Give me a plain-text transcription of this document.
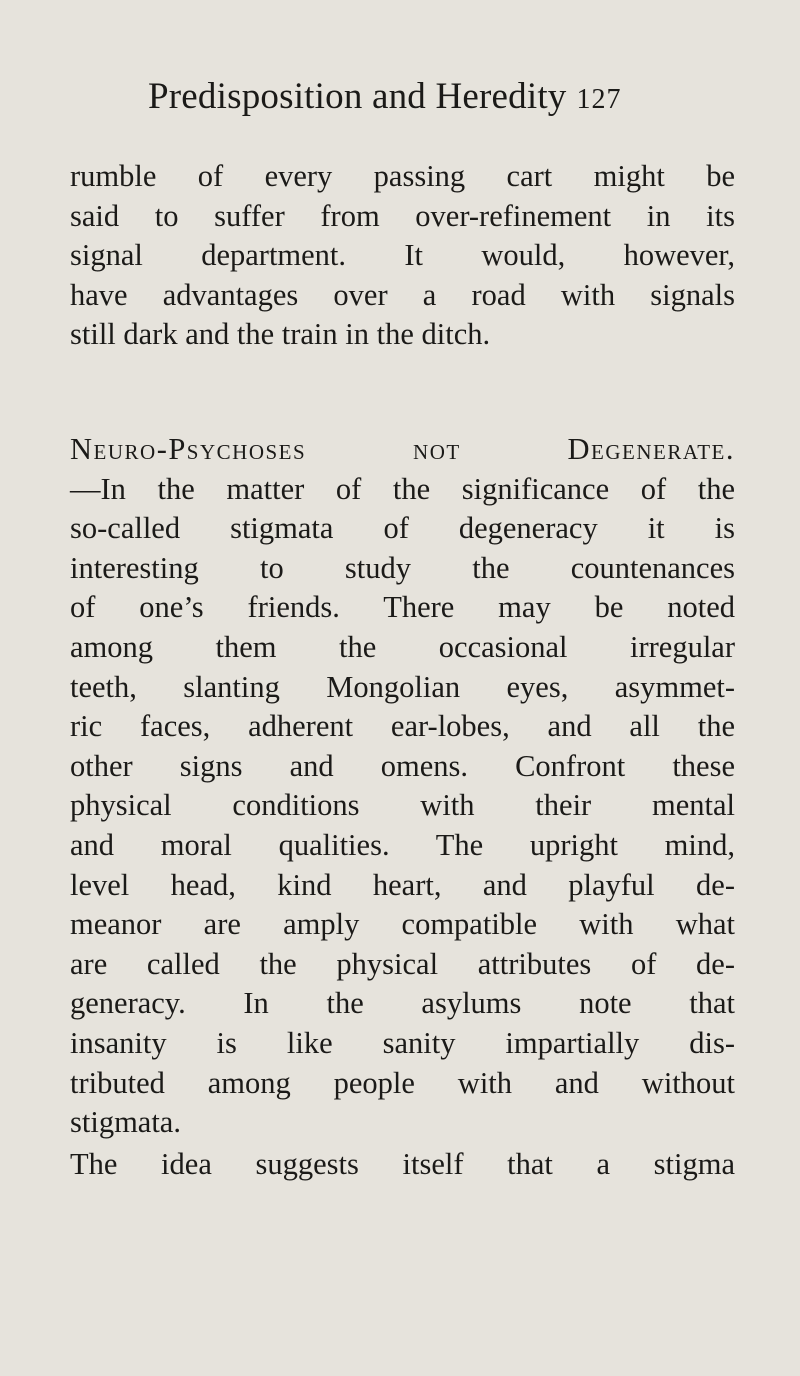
Predisposition and Heredity 127
rumble of every passing cart might be
said to suffer from over-refinement in its
signal department. It would, however,
have advantages over a road with signals
still dark and the train in the ditch.
Neuro-Psychoses not Degenerate.
—In the matter of the significance of the
so-called stigmata of degeneracy it is
interesting to study the countenances
of one’s friends. There may be noted
among them the occasional irregular
teeth, slanting Mongolian eyes, asymmet-
ric faces, adherent ear-lobes, and all the
other signs and omens. Confront these
physical conditions with their mental
and moral qualities. The upright mind,
level head, kind heart, and playful de-
meanor are amply compatible with what
are called the physical attributes of de-
generacy. In the asylums note that
insanity is like sanity impartially dis-
tributed among people with and without
stigmata.
The idea suggests itself that a stigma
